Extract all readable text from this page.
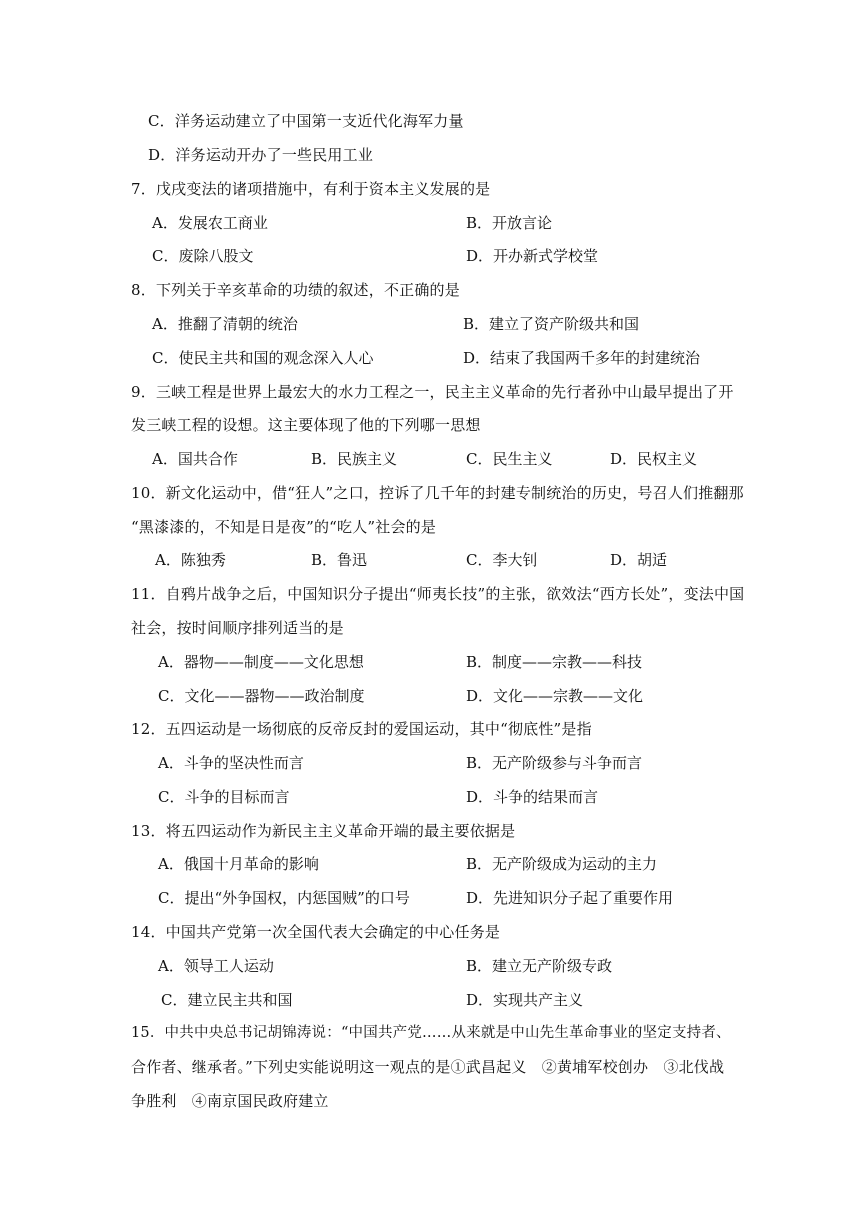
C．洋务运动建立了中国第一支近代化海军力量
D．洋务运动开办了一些民用工业
7．戊戌变法的诸项措施中，有利于资本主义发展的是
A．发展农工商业	B．开放言论
C．废除八股文	D．开办新式学校堂
8．下列关于辛亥革命的功绩的叙述，不正确的是
A．推翻了清朝的统治	B．建立了资产阶级共和国
C．使民主共和国的观念深入人心	D．结束了我国两千多年的封建统治
9．三峡工程是世界上最宏大的水力工程之一，民主主义革命的先行者孙中山最早提出了开
发三峡工程的设想。这主要体现了他的下列哪一思想
A．国共合作	B．民族主义	C．民生主义	D．民权主义
10．新文化运动中，借“狂人”之口，控诉了几千年的封建专制统治的历史，号召人们推翻那
“黑漆漆的，不知是日是夜”的“吃人”社会的是
A．陈独秀	B．鲁迅	C．李大钊	D．胡适
11．自鸦片战争之后，中国知识分子提出“师夷长技”的主张，欲效法“西方长处”，变法中国
社会，按时间顺序排列适当的是
A．器物——制度——文化思想	B．制度——宗教——科技
C．文化——器物——政治制度	D．文化——宗教——文化
12．五四运动是一场彻底的反帝反封的爱国运动，其中“彻底性”是指
A．斗争的坚决性而言	B．无产阶级参与斗争而言
C．斗争的目标而言	D．斗争的结果而言
13．将五四运动作为新民主主义革命开端的最主要依据是
A．俄国十月革命的影响	B．无产阶级成为运动的主力
C．提出“外争国权，内惩国贼”的口号	D．先进知识分子起了重要作用
14．中国共产党第一次全国代表大会确定的中心任务是
A．领导工人运动	B．建立无产阶级专政
C．建立民主共和国	D．实现共产主义
15．中共中央总书记胡锦涛说：“中国共产党……从来就是中山先生革命事业的坚定支持者、
合作者、继承者。”下列史实能说明这一观点的是①武昌起义　②黄埔军校创办　③北伐战
争胜利　④南京国民政府建立
